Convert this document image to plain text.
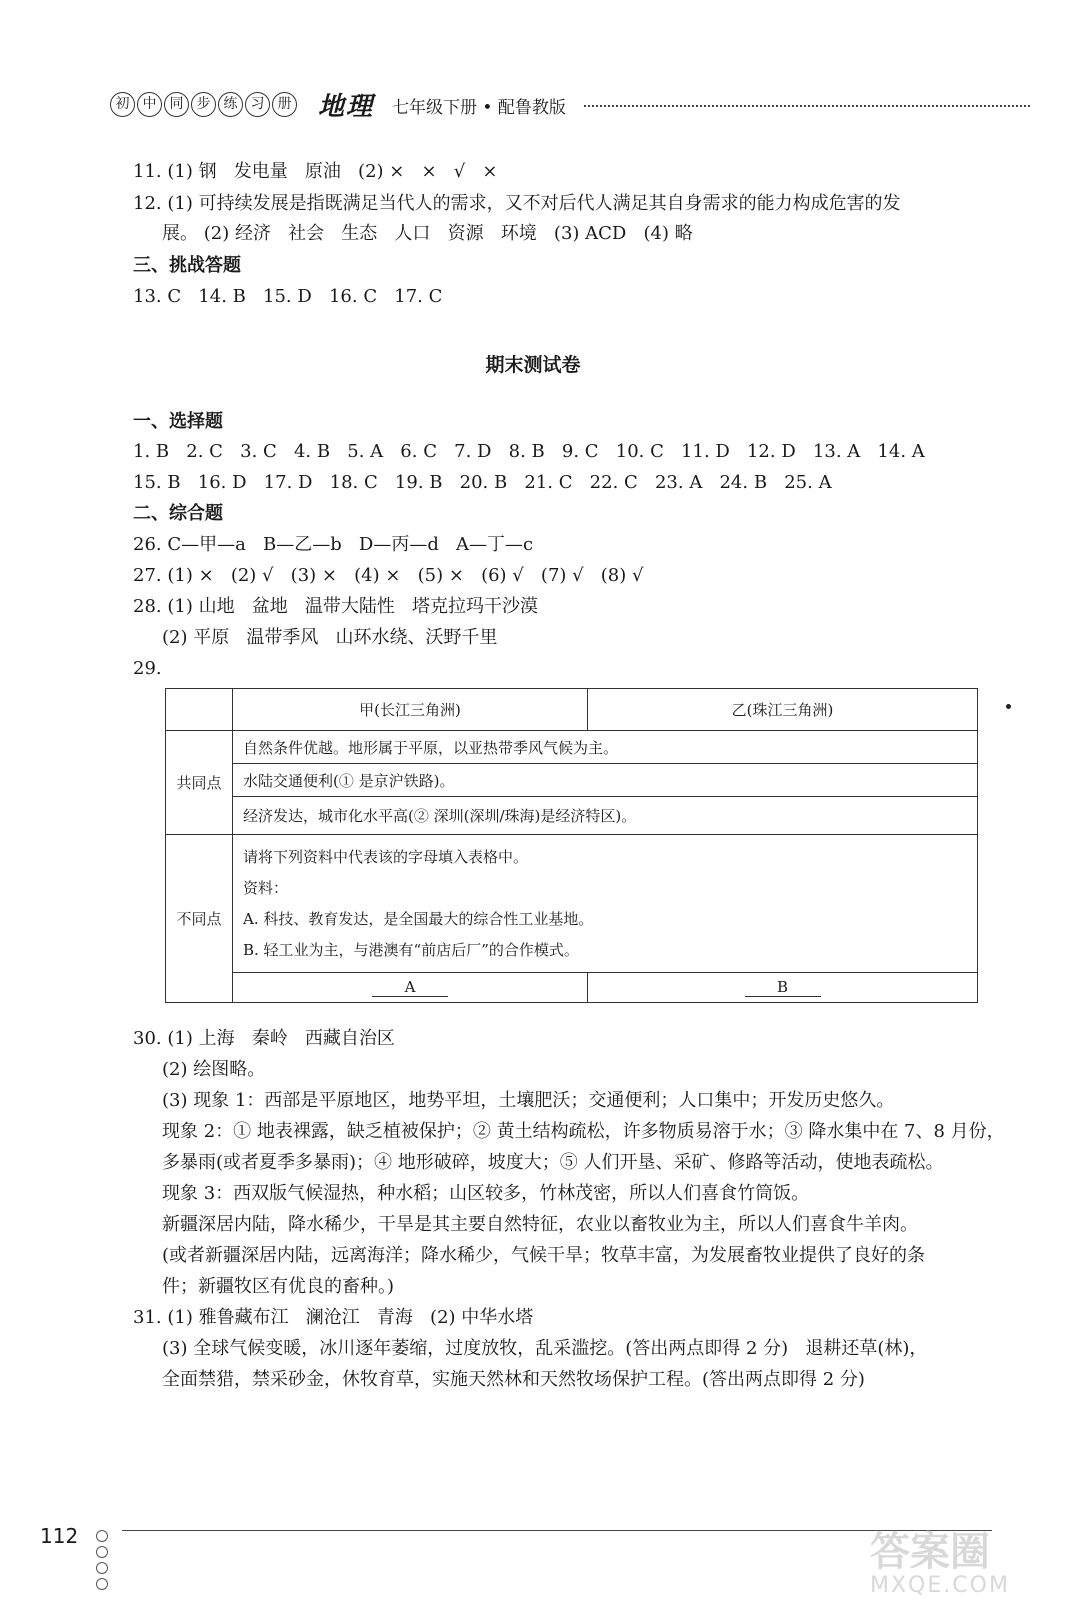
初 中 同 步 练 习 册 地理 七年级下册 • 配鲁教版
11. (1) 钢   发电量   原油   (2) ×   ×   √   ×
12. (1) 可持续发展是指既满足当代人的需求，又不对后代人满足其自身需求的能力构成危害的发
展。 (2) 经济   社会   生态   人口   资源   环境   (3) ACD   (4) 略
三、挑战答题
13. C   14. B   15. D   16. C   17. C
期末测试卷
一、选择题
1. B   2. C   3. C   4. B   5. A   6. C   7. D   8. B   9. C   10. C   11. D   12. D   13. A   14. A
15. B   16. D   17. D   18. C   19. B   20. B   21. C   22. C   23. A   24. B   25. A
二、综合题
26. C—甲—a   B—乙—b   D—丙—d   A—丁—c
27. (1) ×   (2) √   (3) ×   (4) ×   (5) ×   (6) √   (7) √   (8) √
28. (1) 山地   盆地   温带大陆性   塔克拉玛干沙漠
(2) 平原   温带季风   山环水绕、沃野千里
29.
	甲(长江三角洲)	乙(珠江三角洲)
共同点	自然条件优越。地形属于平原，以亚热带季风气候为主。	
	水陆交通便利(① 是京沪铁路)。	
	经济发达，城市化水平高(② 深圳(深圳/珠海)是经济特区)。	
不同点	请将下列资料中代表该的字母填入表格中。
资料：
A. 科技、教育发达，是全国最大的综合性工业基地。
B. 轻工业为主，与港澳有“前店后厂”的合作模式。	

	A	B
30. (1) 上海   秦岭   西藏自治区
(2) 绘图略。
(3) 现象 1：西部是平原地区，地势平坦，土壤肥沃；交通便利；人口集中；开发历史悠久。
现象 2：① 地表裸露，缺乏植被保护；② 黄土结构疏松，许多物质易溶于水；③ 降水集中在 7、8 月份，
多暴雨(或者夏季多暴雨)；④ 地形破碎，坡度大；⑤ 人们开垦、采矿、修路等活动，使地表疏松。
现象 3：西双版气候湿热，种水稻；山区较多，竹林茂密，所以人们喜食竹筒饭。
新疆深居内陆，降水稀少，干旱是其主要自然特征，农业以畜牧业为主，所以人们喜食牛羊肉。
(或者新疆深居内陆，远离海洋；降水稀少，气候干旱；牧草丰富，为发展畜牧业提供了良好的条
件；新疆牧区有优良的畜种。)
31. (1) 雅鲁藏布江   澜沧江   青海   (2) 中华水塔
(3) 全球气候变暖，冰川逐年萎缩，过度放牧，乱采滥挖。(答出两点即得 2 分)   退耕还草(林)，
全面禁猎，禁采砂金，休牧育草，实施天然林和天然牧场保护工程。(答出两点即得 2 分)
112	答案圈
MXQE.COM
